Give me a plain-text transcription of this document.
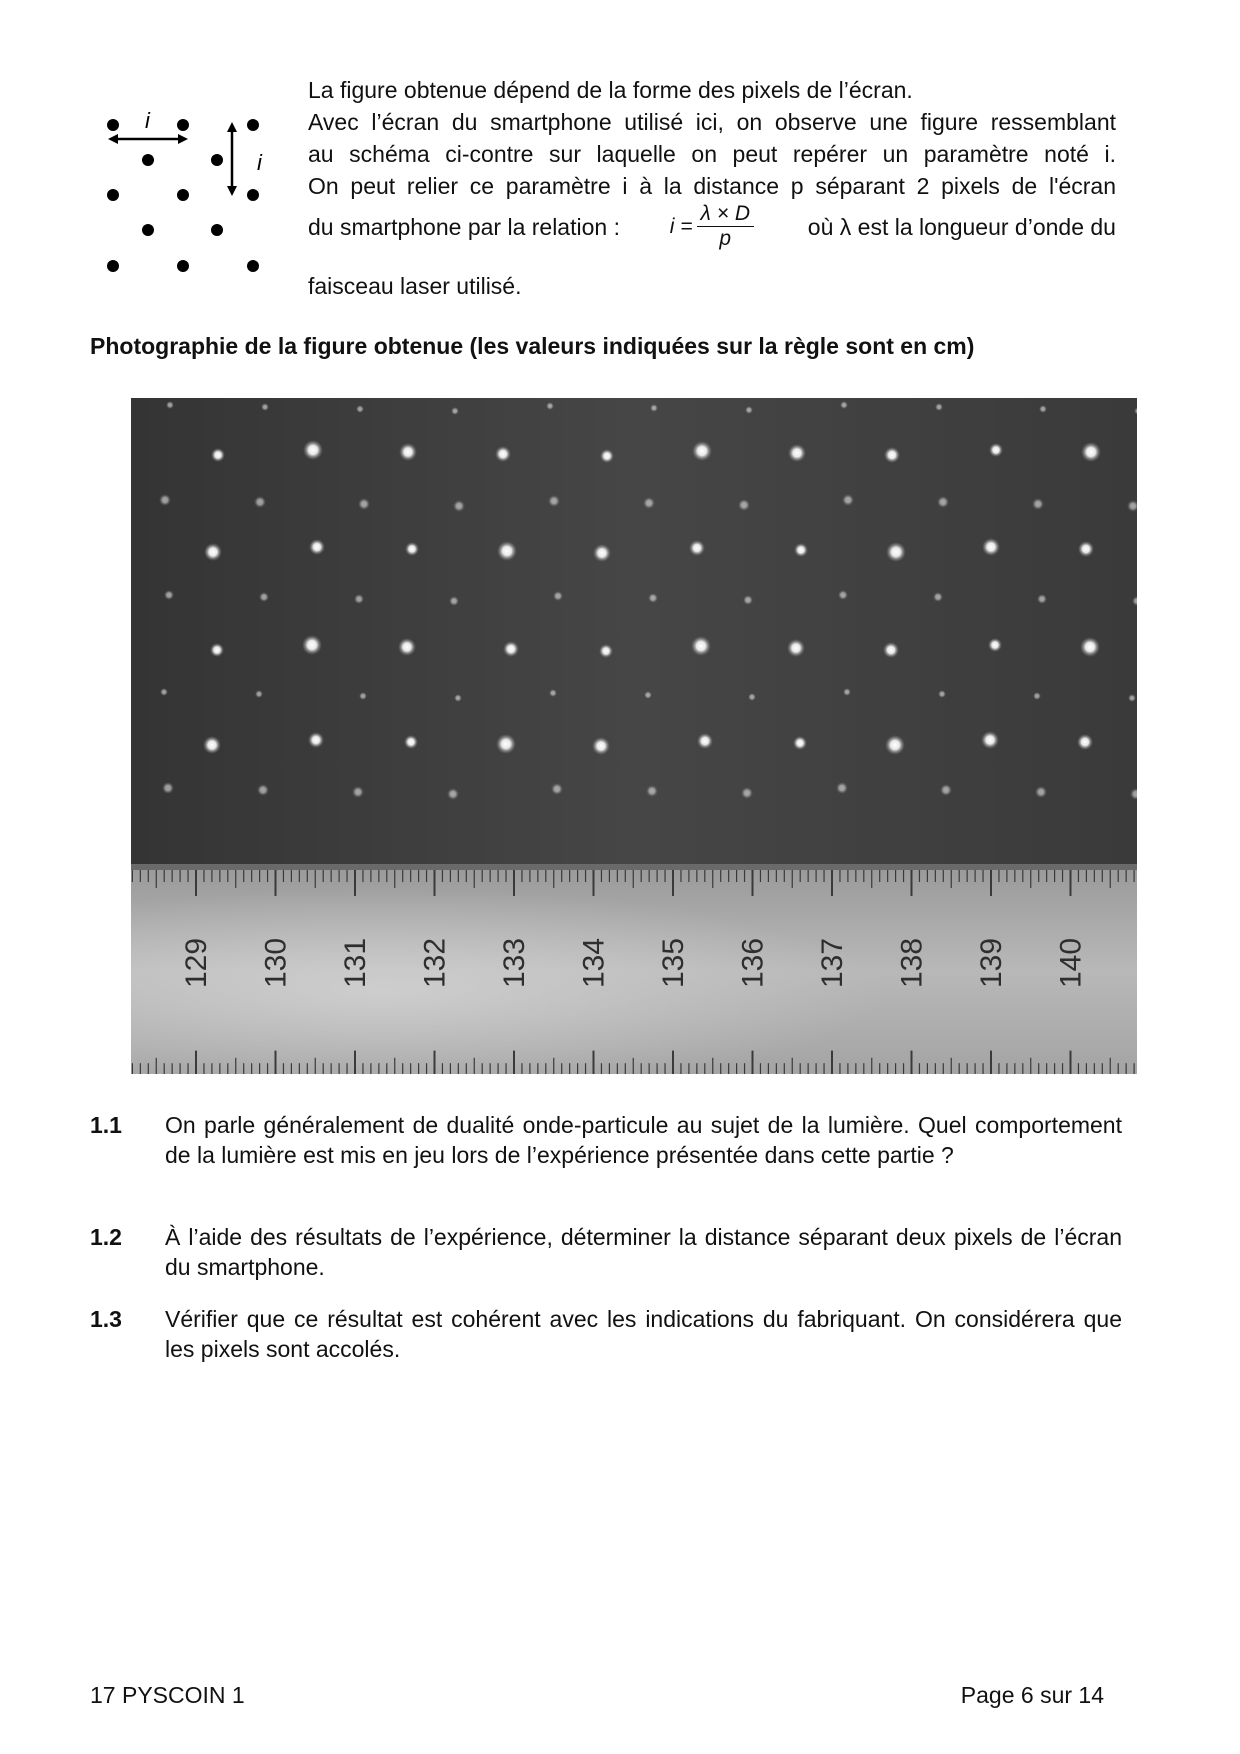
i
i
La figure obtenue dépend de la forme des pixels de l’écran.
Avec l’écran du smartphone utilisé ici, on observe une figure ressemblant
au schéma ci-contre sur laquelle on peut repérer un paramètre noté i.
On peut relier ce paramètre i à la distance p séparant 2 pixels de l'écran
du smartphone par la relation : $i = \frac{\lambda \times D}{p}$ où λ est la longueur d’onde du
faisceau laser utilisé.
Photographie de la figure obtenue (les valeurs indiquées sur la règle sont en cm)
129 130 131 132 133 134 135 136 137 138 139 140
1.1 On parle généralement de dualité onde-particule au sujet de la lumière. Quel comportement de la lumière est mis en jeu lors de l’expérience présentée dans cette partie ?
1.2 À l’aide des résultats de l’expérience, déterminer la distance séparant deux pixels de l’écran du smartphone.
1.3 Vérifier que ce résultat est cohérent avec les indications du fabriquant. On considérera que les pixels sont accolés.
17 PYSCOIN 1	Page 6 sur 14
